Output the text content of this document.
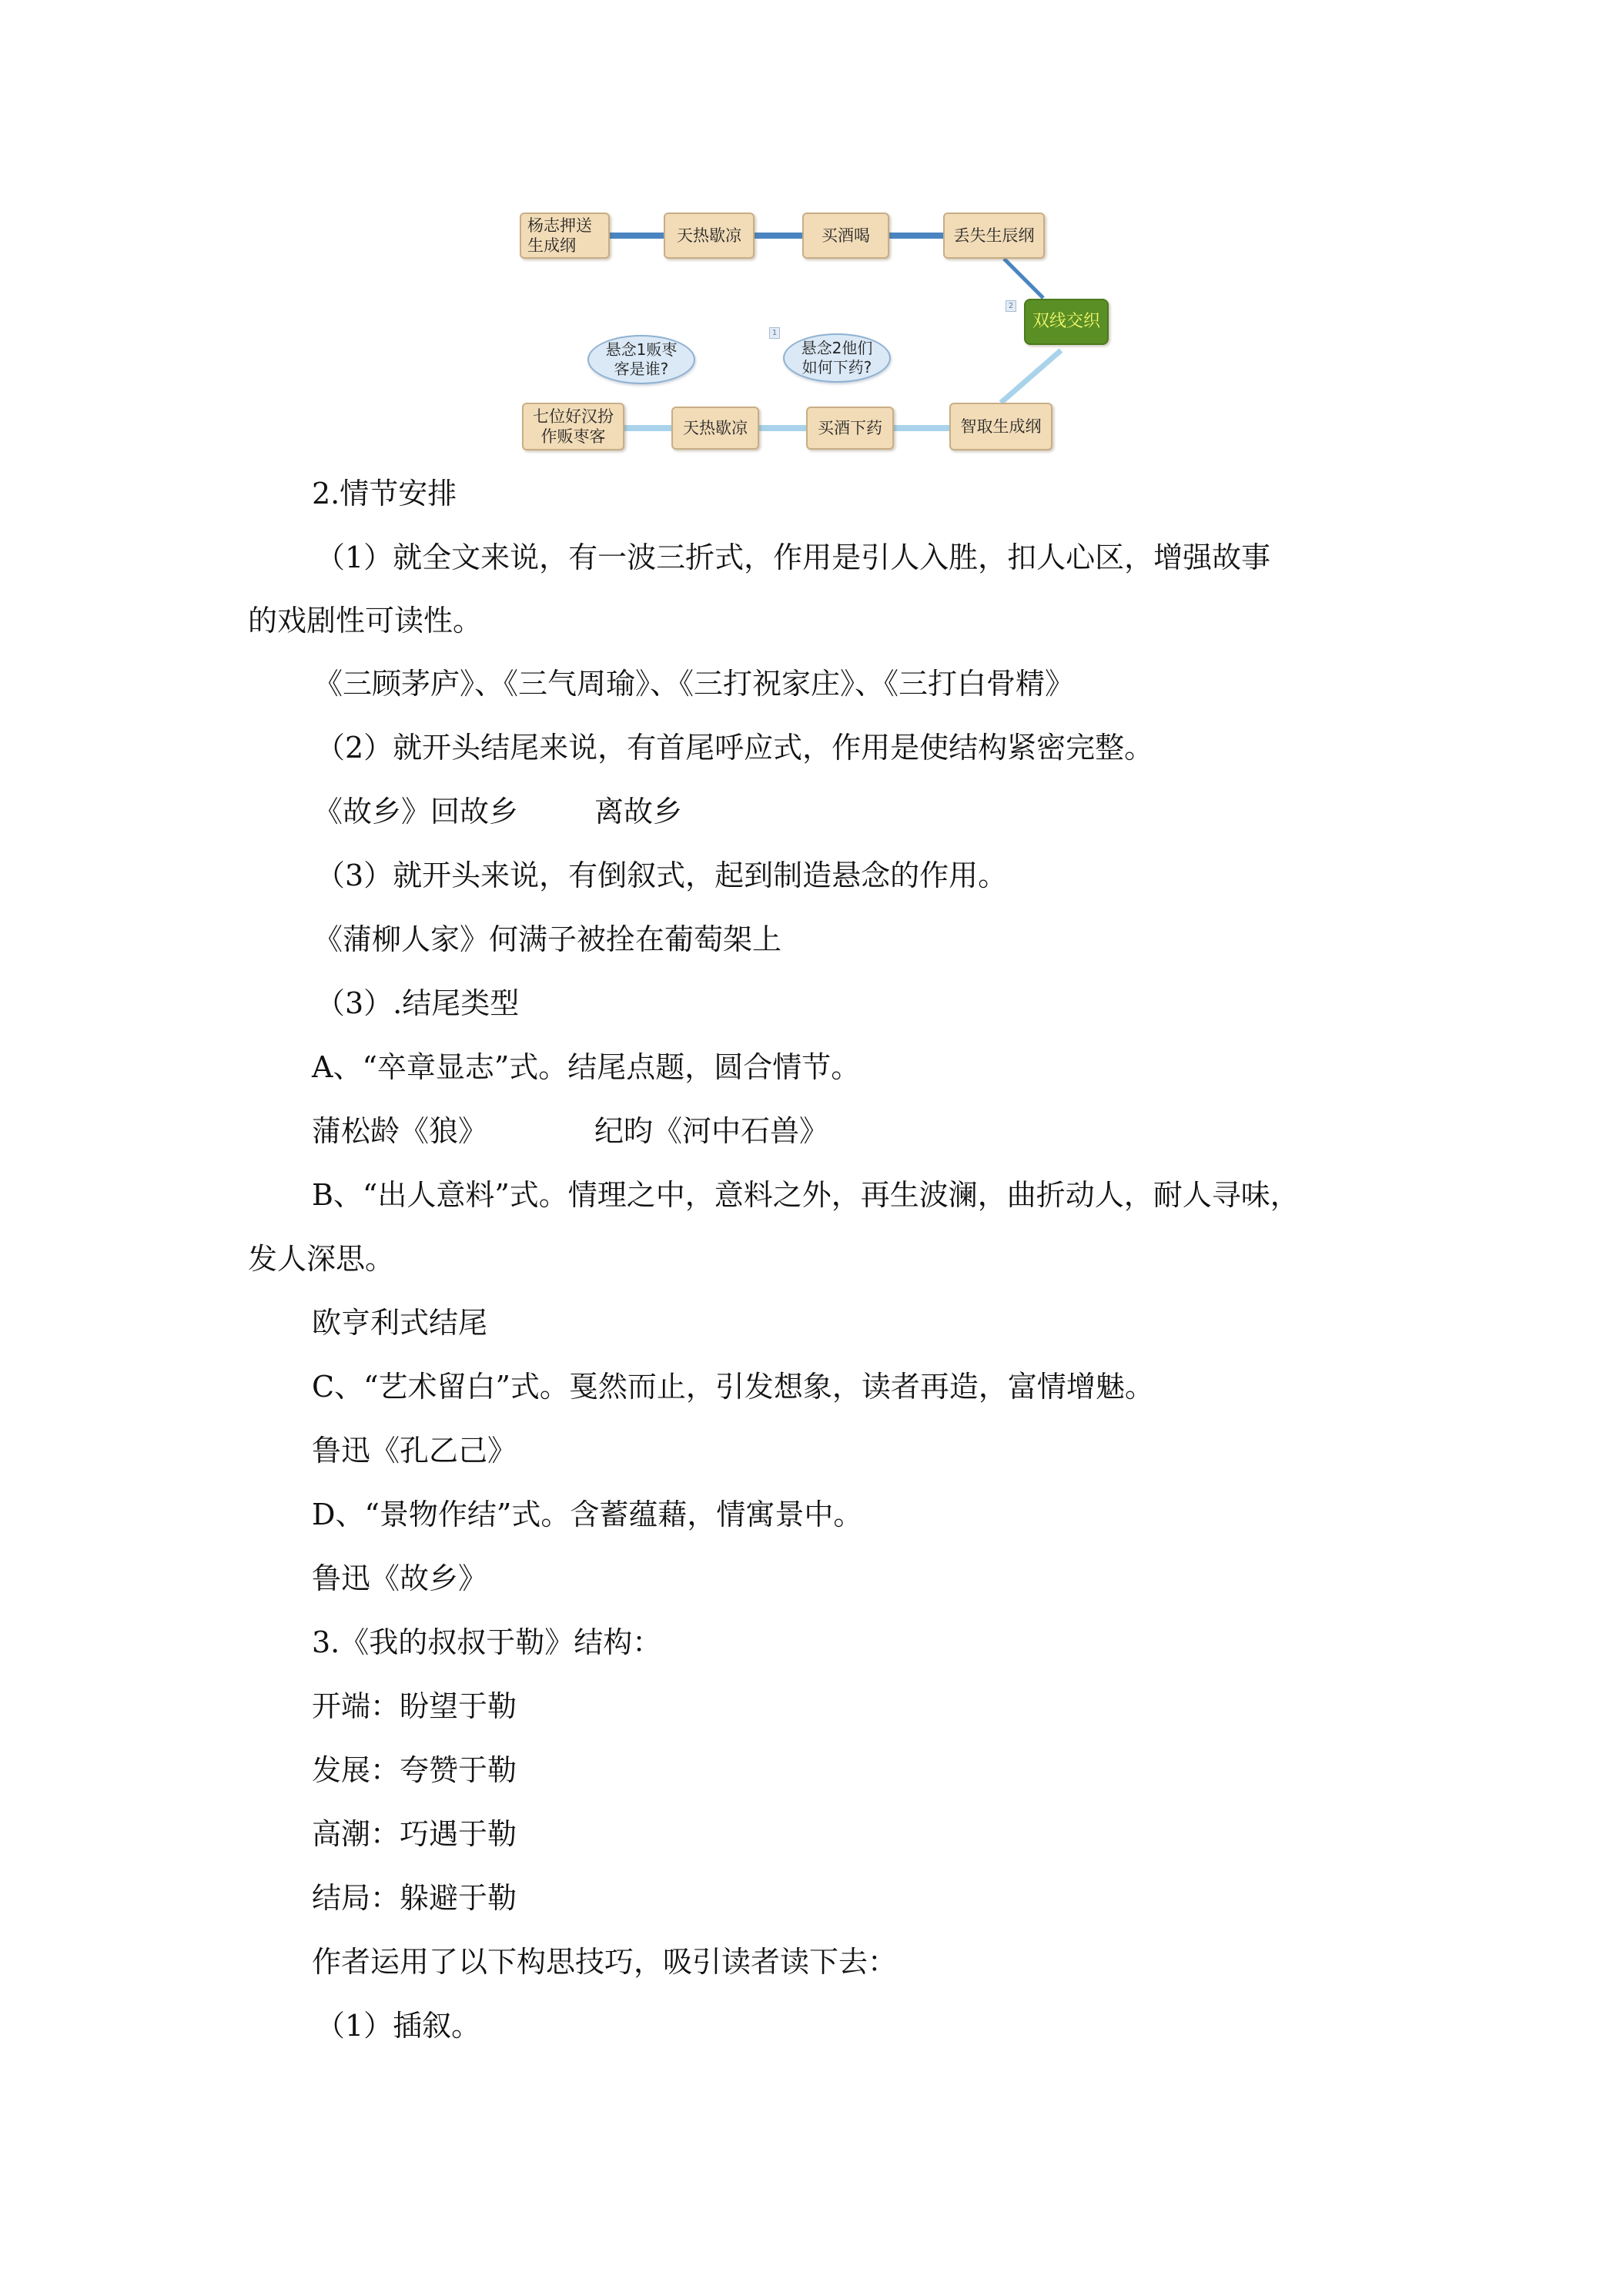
杨志押送
生成纲
天热歇凉	买酒喝	丢失生辰纲
双线交织
悬念1贩枣
客是谁?
悬念2他们
如何下药?
1
2
七位好汉扮
作贩枣客	天热歇凉	买酒下药	智取生成纲
2.情节安排
（1）就全文来说，有一波三折式，作用是引人入胜，扣人心区，增强故事
的戏剧性可读性。
《三顾茅庐》、《三气周瑜》、《三打祝家庄》、《三打白骨精》
（2）就开头结尾来说，有首尾呼应式，作用是使结构紧密完整。
《故乡》回故乡	离故乡
（3）就开头来说，有倒叙式，起到制造悬念的作用。
《蒲柳人家》何满子被拴在葡萄架上
（3）.结尾类型
A、“卒章显志”式。结尾点题，圆合情节。
蒲松龄《狼》	纪昀《河中石兽》
B、“出人意料”式。情理之中，意料之外，再生波澜，曲折动人，耐人寻味，
发人深思。
欧亨利式结尾
C、“艺术留白”式。戛然而止，引发想象，读者再造，富情增魅。
鲁迅《孔乙己》
D、“景物作结”式。含蓄蕴藉，情寓景中。
鲁迅《故乡》
3.《我的叔叔于勒》结构：
开端：盼望于勒
发展：夸赞于勒
高潮：巧遇于勒
结局：躲避于勒
作者运用了以下构思技巧，吸引读者读下去：
（1）插叙。
